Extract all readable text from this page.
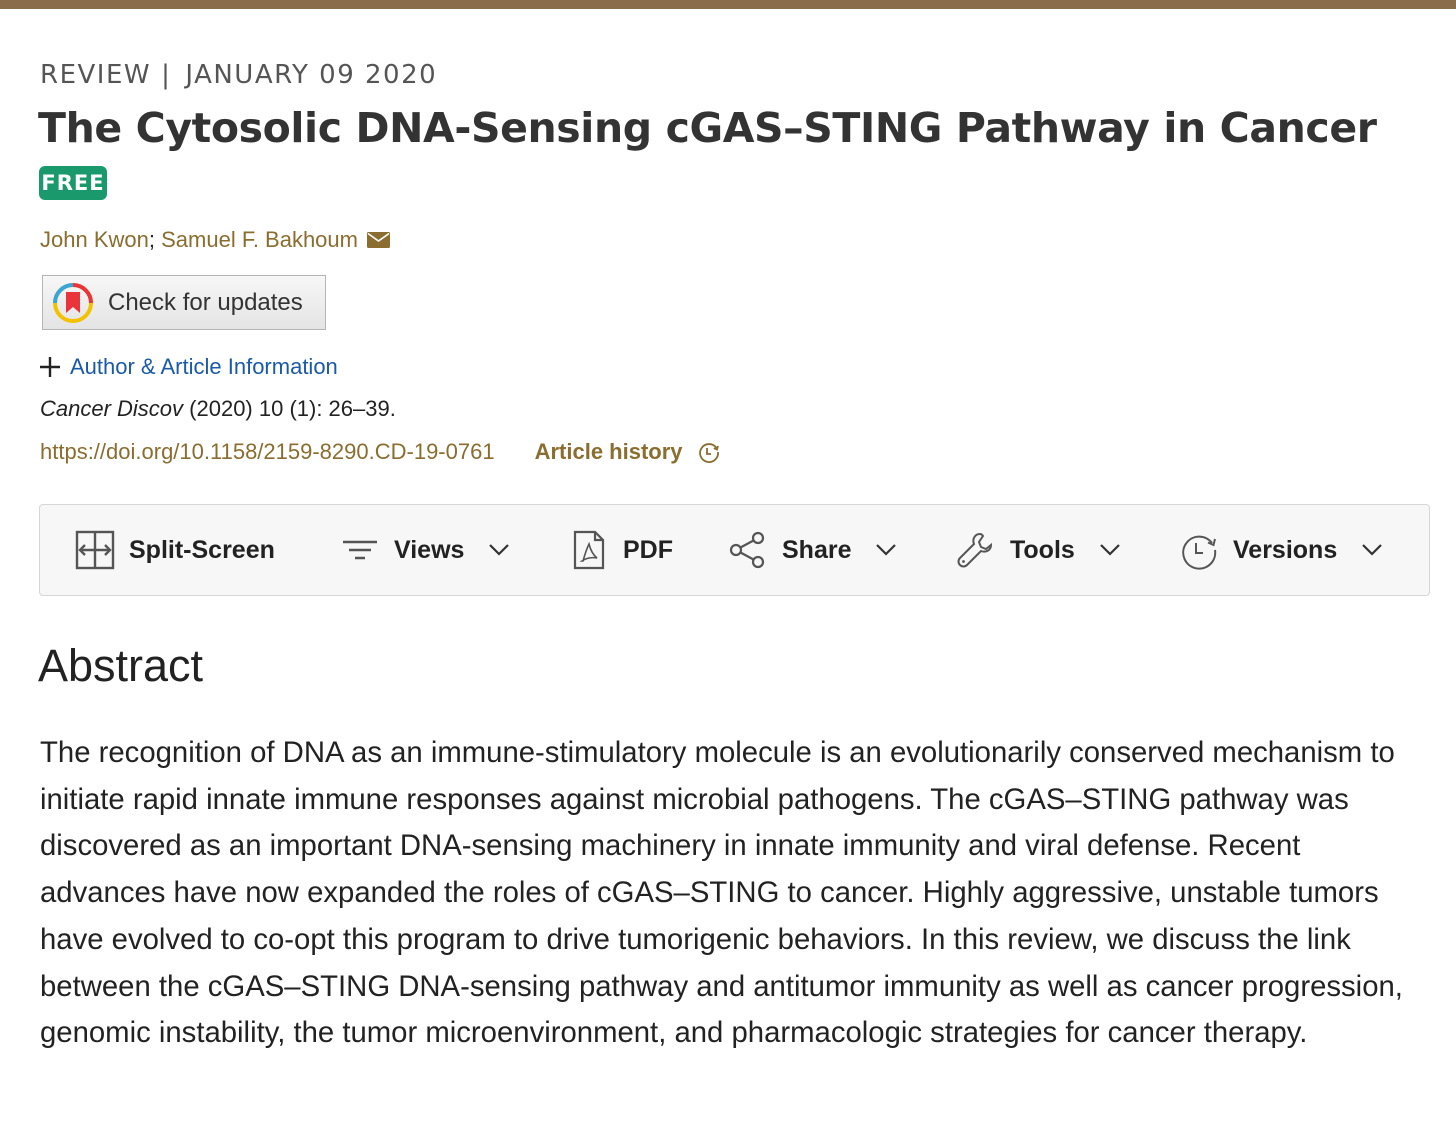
REVIEW | JANUARY 09 2020
The Cytosolic DNA-Sensing cGAS–STING Pathway in Cancer
FREE
John Kwon ;
Samuel F. Bakhoum
Check for updates
Author & Article Information
Cancer Discov (2020) 10 (1): 26–39.
https://doi.org/10.1158/2159-8290.CD-19-0761 Article history
Split-Screen	Views	PDF	Share	Tools	Versions
Abstract

The recognition of DNA as an immune-stimulatory molecule is an evolutionarily conserved mechanism to initiate rapid innate immune responses against microbial pathogens. The cGAS–STING pathway was discovered as an important DNA-sensing machinery in innate immunity and viral defense. Recent advances have now expanded the roles of cGAS–STING to cancer. Highly aggressive, unstable tumors have evolved to co-opt this program to drive tumorigenic behaviors. In this review, we discuss the link between the cGAS–STING DNA-sensing pathway and antitumor immunity as well as cancer progression, genomic instability, the tumor microenvironment, and pharmacologic strategies for cancer therapy.
